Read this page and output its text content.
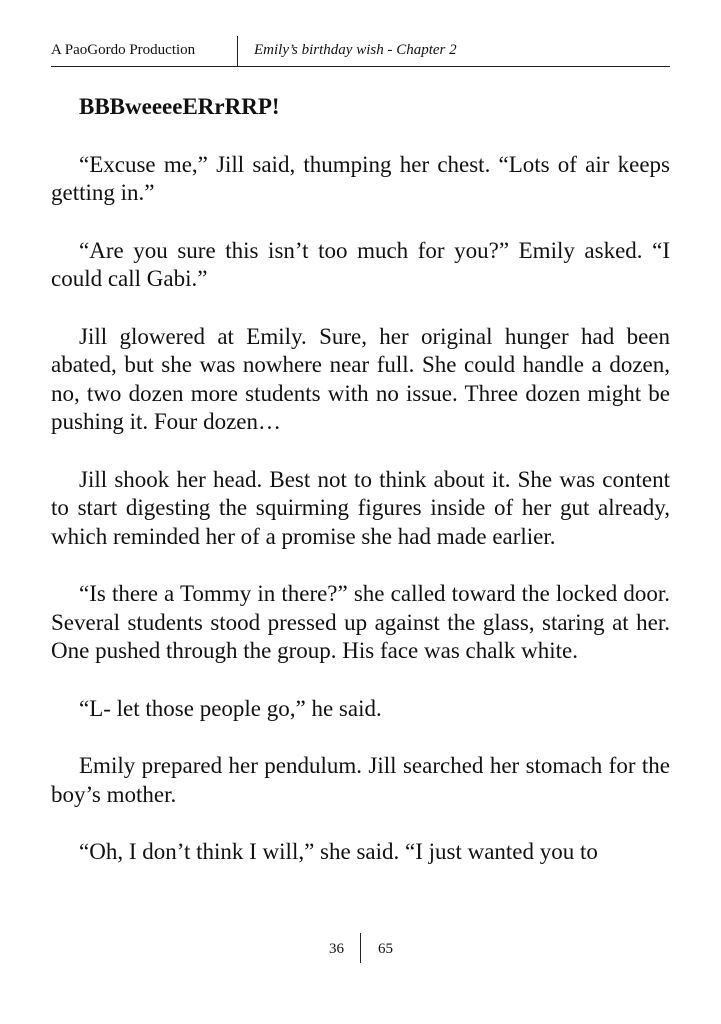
A PaoGordo Production	Emily’s birthday wish - Chapter 2

BBBweeeeERrRRP!

“Excuse me,” Jill said, thumping her chest. “Lots of air keeps getting in.”

“Are you sure this isn’t too much for you?” Emily asked. “I could call Gabi.”

Jill glowered at Emily. Sure, her original hunger had been abated, but she was nowhere near full. She could handle a dozen, no, two dozen more students with no issue. Three dozen might be pushing it. Four dozen…

Jill shook her head. Best not to think about it. She was content to start digesting the squirming figures inside of her gut already, which reminded her of a promise she had made earlier.

“Is there a Tommy in there?” she called toward the locked door. Several students stood pressed up against the glass, staring at her. One pushed through the group. His face was chalk white.

“L- let those people go,” he said.

Emily prepared her pendulum. Jill searched her stomach for the boy’s mother.

“Oh, I don’t think I will,” she said. “I just wanted you to

36 65
